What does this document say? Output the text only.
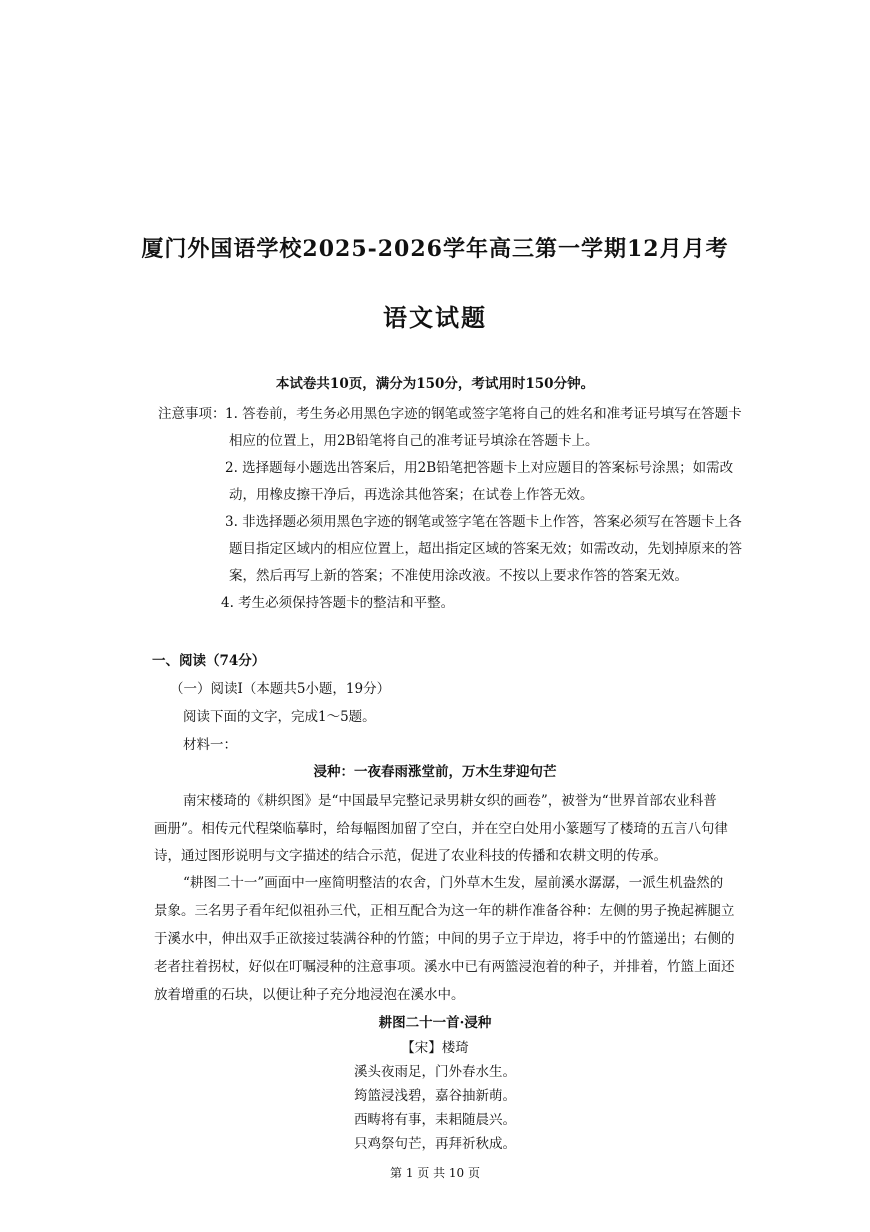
厦门外国语学校2025-2026学年高三第一学期12月月考
语文试题
本试卷共10页，满分为150分，考试用时150分钟。
注意事项： 1. 答卷前，考生务必用黑色字迹的钢笔或签字笔将自己的姓名和准考证号填写在答题卡
相应的位置上，用2B铅笔将自己的准考证号填涂在答题卡上。
2. 选择题每小题选出答案后，用2B铅笔把答题卡上对应题目的答案标号涂黑；如需改
动，用橡皮擦干净后，再选涂其他答案；在试卷上作答无效。
3. 非选择题必须用黑色字迹的钢笔或签字笔在答题卡上作答，答案必须写在答题卡上各
题目指定区域内的相应位置上，超出指定区域的答案无效；如需改动，先划掉原来的答
案，然后再写上新的答案；不准使用涂改液。不按以上要求作答的答案无效。
4. 考生必须保持答题卡的整洁和平整。
一、阅读（74分）
（一）阅读Ⅰ（本题共5小题，19分）
阅读下面的文字，完成1～5题。
材料一：
浸种：一夜春雨涨堂前，万木生芽迎句芒
南宋楼琦的《耕织图》是“中国最早完整记录男耕女织的画卷”，被誉为“世界首部农业科普
画册”。相传元代程棨临摹时，给每幅图加留了空白，并在空白处用小篆题写了楼琦的五言八句律
诗，通过图形说明与文字描述的结合示范，促进了农业科技的传播和农耕文明的传承。
“耕图二十一”画面中一座简明整洁的农舍，门外草木生发，屋前溪水潺潺，一派生机盎然的
景象。三名男子看年纪似祖孙三代，正相互配合为这一年的耕作准备谷种：左侧的男子挽起裤腿立
于溪水中，伸出双手正欲接过装满谷种的竹篮；中间的男子立于岸边，将手中的竹篮递出；右侧的
老者拄着拐杖，好似在叮嘱浸种的注意事项。溪水中已有两篮浸泡着的种子，并排着，竹篮上面还
放着增重的石块，以便让种子充分地浸泡在溪水中。
耕图二十一首·浸种
【宋】楼琦
溪头夜雨足，门外春水生。
筠篮浸浅碧，嘉谷抽新萌。
西畴将有事，耒耜随晨兴。
只鸡祭句芒，再拜祈秋成。
第 1 页 共 10 页
